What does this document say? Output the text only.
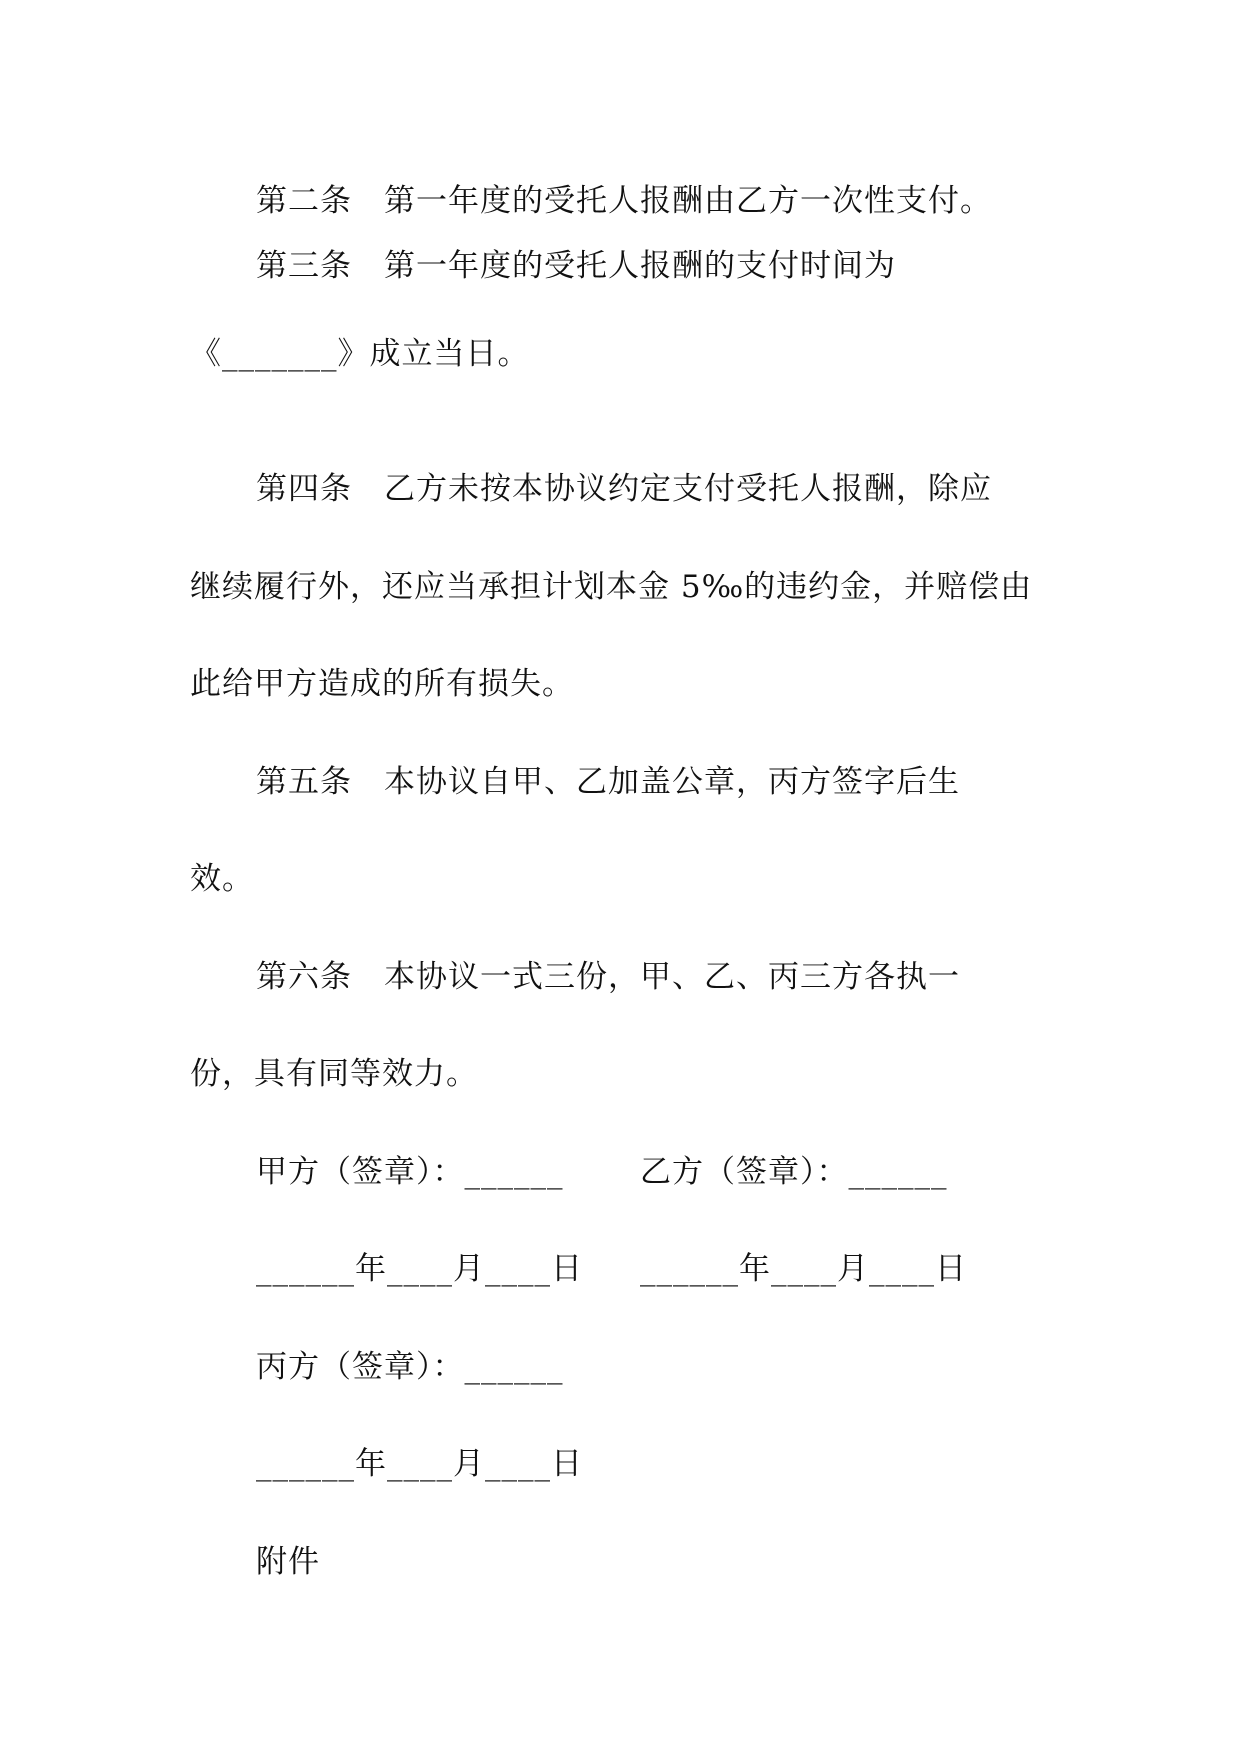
第二条　第一年度的受托人报酬由乙方一次性支付。
第三条　第一年度的受托人报酬的支付时间为
《_______》成立当日。
第四条　乙方未按本协议约定支付受托人报酬，除应
继续履行外，还应当承担计划本金 5‰的违约金，并赔偿由
此给甲方造成的所有损失。
第五条　本协议自甲、乙加盖公章，丙方签字后生
效。
第六条　本协议一式三份，甲、乙、丙三方各执一
份，具有同等效力。
甲方（签章）：______ 乙方（签章）：______
______年____月____日 ______年____月____日
丙方（签章）：______
______年____月____日
附件
